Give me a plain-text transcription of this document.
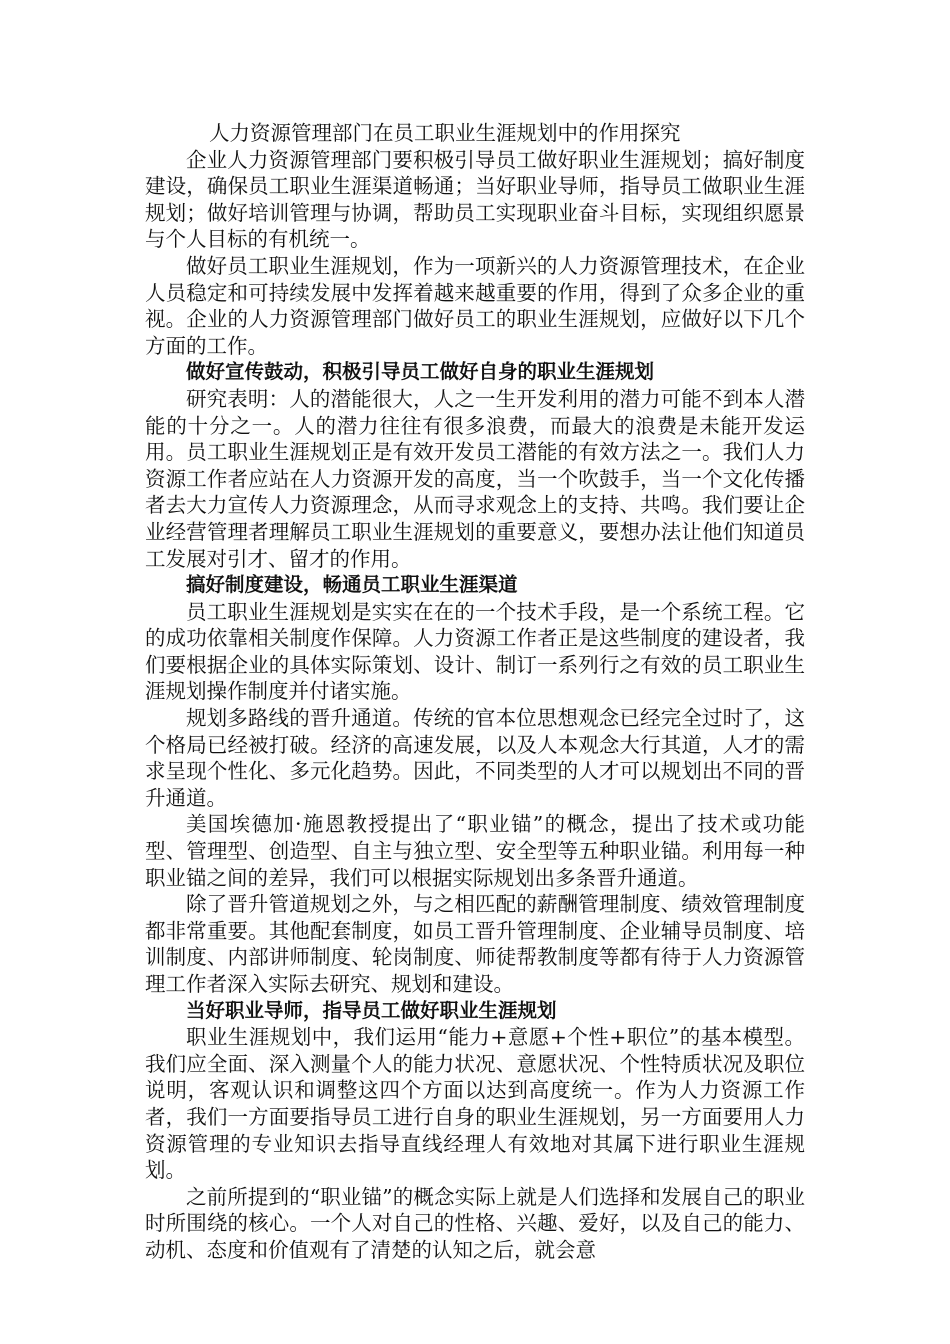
人力资源管理部门在员工职业生涯规划中的作用探究

企业人力资源管理部门要积极引导员工做好职业生涯规划；搞好制度建设，确保员工职业生涯渠道畅通；当好职业导师，指导员工做职业生涯规划；做好培训管理与协调，帮助员工实现职业奋斗目标，实现组织愿景与个人目标的有机统一。

做好员工职业生涯规划，作为一项新兴的人力资源管理技术，在企业人员稳定和可持续发展中发挥着越来越重要的作用，得到了众多企业的重视。企业的人力资源管理部门做好员工的职业生涯规划，应做好以下几个方面的工作。

做好宣传鼓动，积极引导员工做好自身的职业生涯规划

研究表明：人的潜能很大，人之一生开发利用的潜力可能不到本人潜能的十分之一。人的潜力往往有很多浪费，而最大的浪费是未能开发运用。员工职业生涯规划正是有效开发员工潜能的有效方法之一。我们人力资源工作者应站在人力资源开发的高度，当一个吹鼓手，当一个文化传播者去大力宣传人力资源理念，从而寻求观念上的支持、共鸣。我们要让企业经营管理者理解员工职业生涯规划的重要意义，要想办法让他们知道员工发展对引才、留才的作用。

搞好制度建设，畅通员工职业生涯渠道

员工职业生涯规划是实实在在的一个技术手段，是一个系统工程。它的成功依靠相关制度作保障。人力资源工作者正是这些制度的建设者，我们要根据企业的具体实际策划、设计、制订一系列行之有效的员工职业生涯规划操作制度并付诸实施。

规划多路线的晋升通道。传统的官本位思想观念已经完全过时了，这个格局已经被打破。经济的高速发展，以及人本观念大行其道，人才的需求呈现个性化、多元化趋势。因此，不同类型的人才可以规划出不同的晋升通道。

美国埃德加·施恩教授提出了“职业锚”的概念，提出了技术或功能型、管理型、创造型、自主与独立型、安全型等五种职业锚。利用每一种职业锚之间的差异，我们可以根据实际规划出多条晋升通道。

除了晋升管道规划之外，与之相匹配的薪酬管理制度、绩效管理制度都非常重要。其他配套制度，如员工晋升管理制度、企业辅导员制度、培训制度、内部讲师制度、轮岗制度、师徒帮教制度等都有待于人力资源管理工作者深入实际去研究、规划和建设。

当好职业导师，指导员工做好职业生涯规划

职业生涯规划中，我们运用“能力+意愿+个性+职位”的基本模型。我们应全面、深入测量个人的能力状况、意愿状况、个性特质状况及职位说明，客观认识和调整这四个方面以达到高度统一。作为人力资源工作者，我们一方面要指导员工进行自身的职业生涯规划，另一方面要用人力资源管理的专业知识去指导直线经理人有效地对其属下进行职业生涯规划。

之前所提到的“职业锚”的概念实际上就是人们选择和发展自己的职业时所围绕的核心。一个人对自己的性格、兴趣、爱好，以及自己的能力、动机、态度和价值观有了清楚的认知之后，就会意
